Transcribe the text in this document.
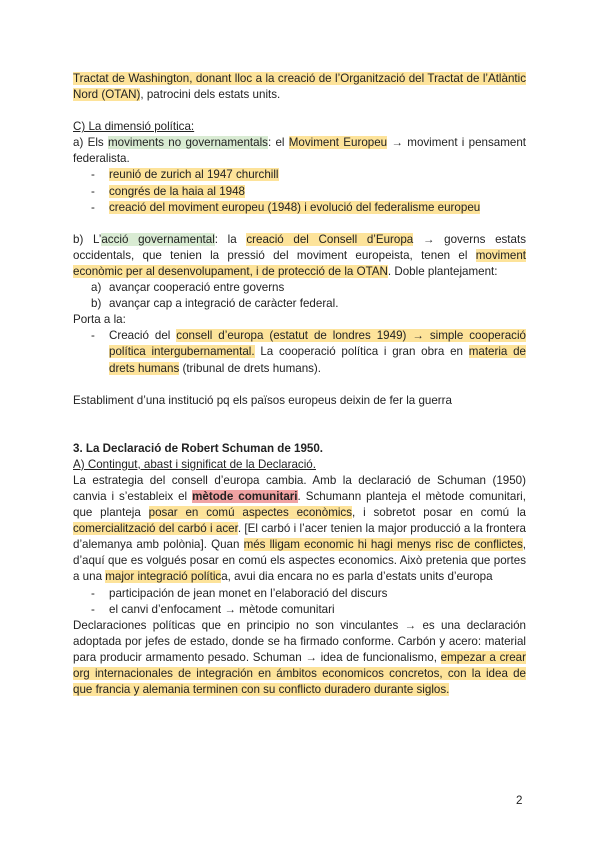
Tractat de Washington, donant lloc a la creació de l’Organització del Tractat de l’Atlàntic Nord (OTAN), patrocini dels estats units.

C) La dimensió política:

a) Els moviments no governamentals: el Moviment Europeu → moviment i pensament federalista.

- reunió de zurich al 1947 churchill
- congrés de la haia al 1948
- creació del moviment europeu (1948) i evolució del federalisme europeu

b) L’acció governamental: la creació del Consell d’Europa → governs estats occidentals, que tenien la pressió del moviment europeista, tenen el moviment econòmic per al desenvolupament, i de protecció de la OTAN. Doble plantejament:

a) avançar cooperació entre governs
b) avançar cap a integració de caràcter federal.

Porta a la:

- Creació del consell d’europa (estatut de londres 1949) → simple cooperació política intergubernamental. La cooperació política i gran obra en materia de drets humans (tribunal de drets humans).

Establiment d’una institució pq els països europeus deixin de fer la guerra

3. La Declaració de Robert Schuman de 1950.

A) Contingut, abast i significat de la Declaració.

La estrategia del consell d’europa cambia. Amb la declaració de Schuman (1950) canvia i s’estableix el mètode comunitari. Schumann planteja el mètode comunitari, que planteja posar en comú aspectes econòmics, i sobretot posar en comú la comercialització del carbó i acer. [El carbó i l’acer tenien la major producció a la frontera d’alemanya amb polònia]. Quan més lligam economic hi hagi menys risc de conflictes, d’aquí que es volgués posar en comú els aspectes economics. Això pretenia que portes a una major integració política, avui dia encara no es parla d’estats units d’europa

- participación de jean monet en l’elaboració del discurs
- el canvi d’enfocament → mètode comunitari

Declaraciones políticas que en principio no son vinculantes → es una declaración adoptada por jefes de estado, donde se ha firmado conforme. Carbón y acero: material para producir armamento pesado. Schuman → idea de funcionalismo, empezar a crear org internacionales de integración en ámbitos economicos concretos, con la idea de que francia y alemania terminen con su conflicto duradero durante siglos.

2
